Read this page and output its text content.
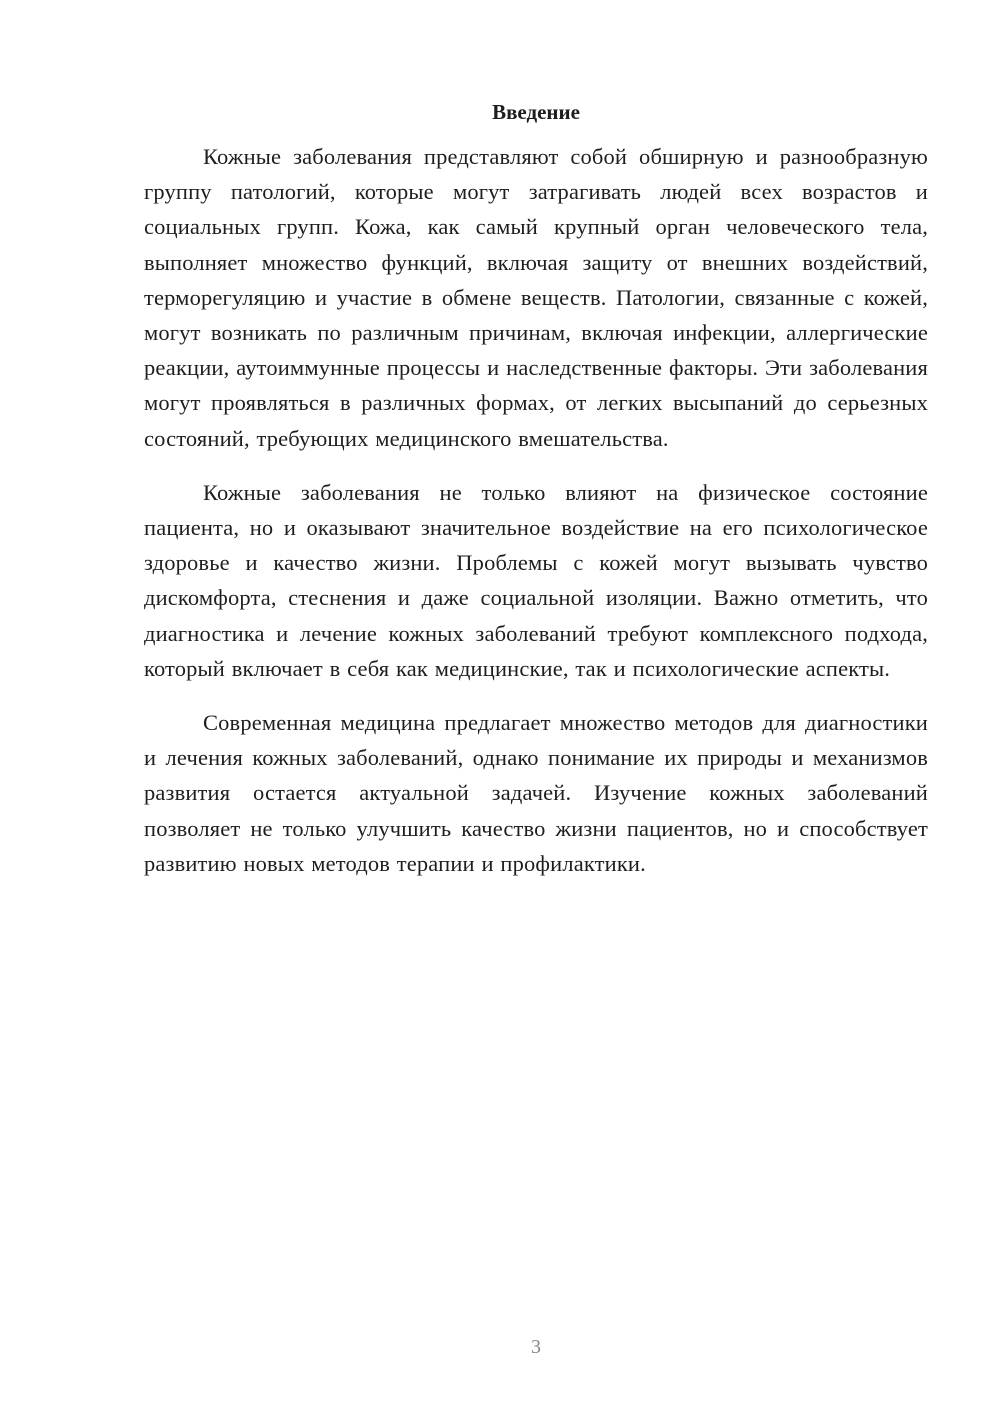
Введение

Кожные заболевания представляют собой обширную и разнообразную группу патологий, которые могут затрагивать людей всех возрастов и социальных групп. Кожа, как самый крупный орган человеческого тела, выполняет множество функций, включая защиту от внешних воздействий, терморегуляцию и участие в обмене веществ. Патологии, связанные с кожей, могут возникать по различным причинам, включая инфекции, аллергические реакции, аутоиммунные процессы и наследственные факторы. Эти заболевания могут проявляться в различных формах, от легких высыпаний до серьезных состояний, требующих медицинского вмешательства.

Кожные заболевания не только влияют на физическое состояние пациента, но и оказывают значительное воздействие на его психологическое здоровье и качество жизни. Проблемы с кожей могут вызывать чувство дискомфорта, стеснения и даже социальной изоляции. Важно отметить, что диагностика и лечение кожных заболеваний требуют комплексного подхода, который включает в себя как медицинские, так и психологические аспекты.

Современная медицина предлагает множество методов для диагностики и лечения кожных заболеваний, однако понимание их природы и механизмов развития остается актуальной задачей. Изучение кожных заболеваний позволяет не только улучшить качество жизни пациентов, но и способствует развитию новых методов терапии и профилактики.

3
